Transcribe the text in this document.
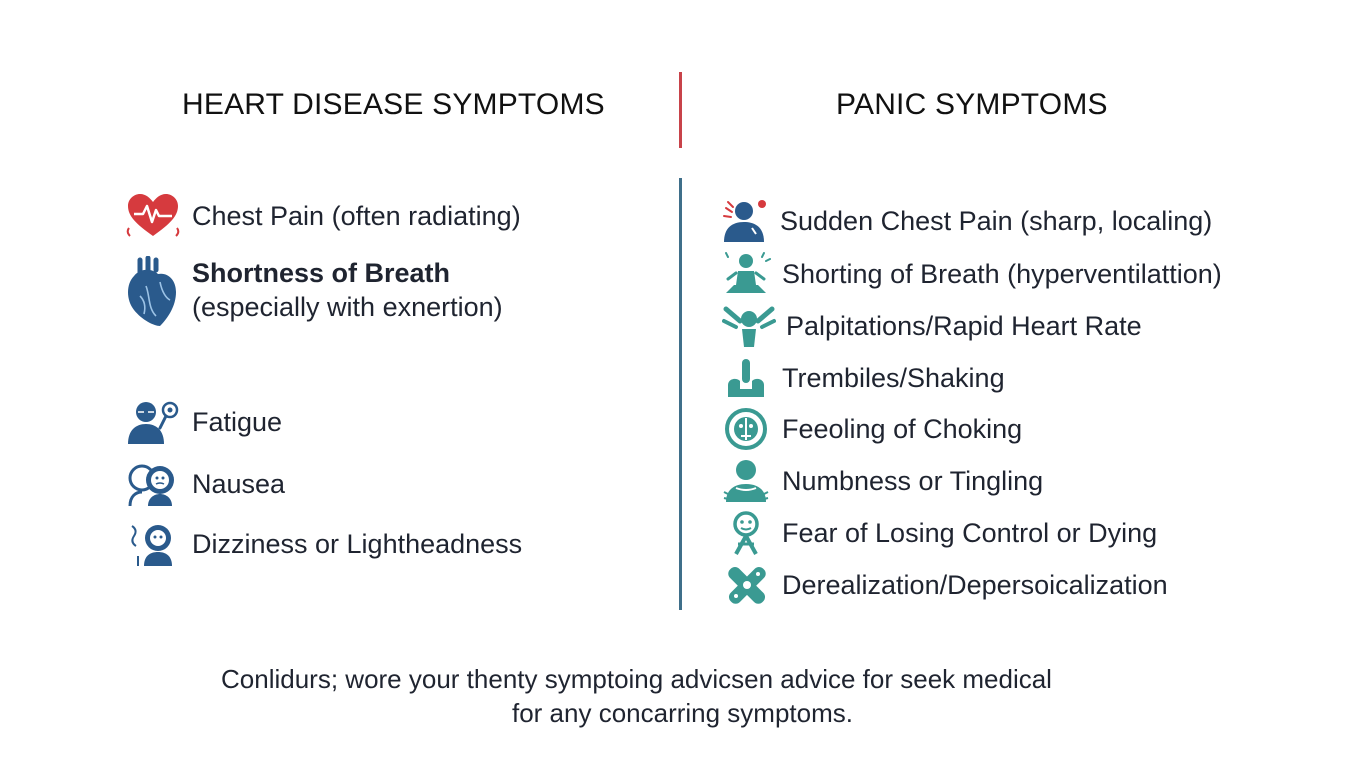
HEART DISEASE SYMPTOMS	PANIC SYMPTOMS
Chest Pain (often radiating)
Shortness of Breath
(especially with exnertion)
Fatigue
Nausea
Dizziness or Lightheadness
Sudden Chest Pain (sharp, localing)
Shorting of Breath (hyperventilattion)
Palpitations/Rapid Heart Rate
Trembiles/Shaking
Feeoling of Choking
Numbness or Tingling
Fear of Losing Control or Dying
Derealization/Depersoicalization
Conlidurs; wore your thenty symptoing advicsen advice for seek medical
for any concarring symptoms.
